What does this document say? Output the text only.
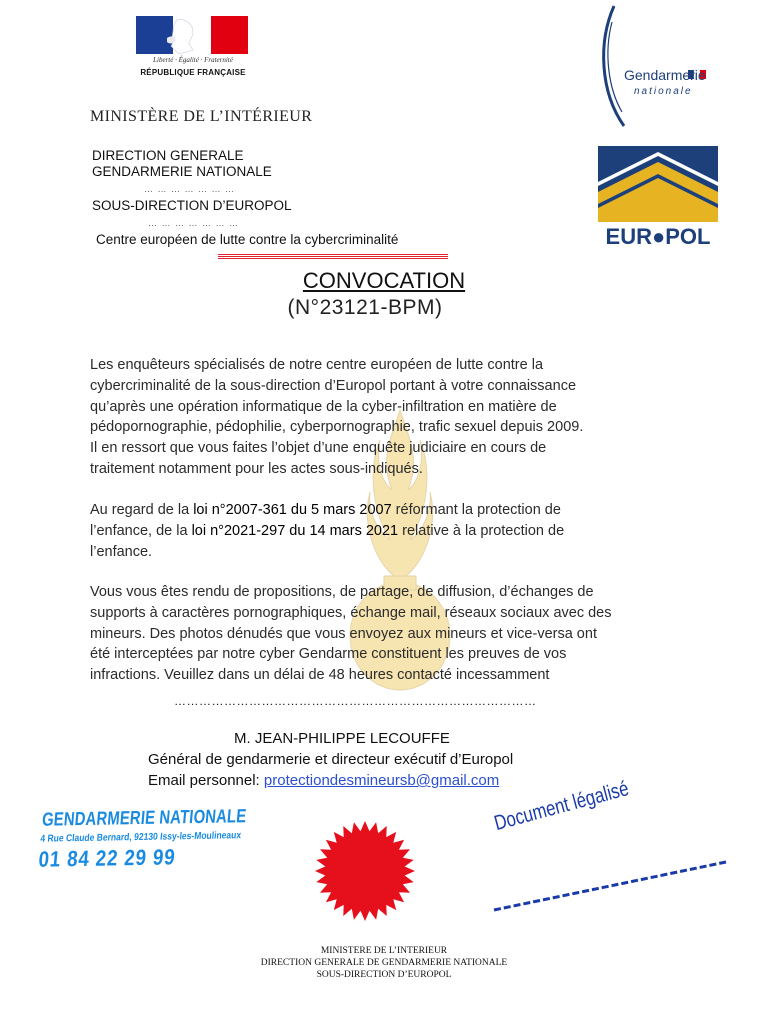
Liberté · Égalité · Fraternité
RÉPUBLIQUE FRANÇAISE
MINISTÈRE DE L’INTÉRIEUR
DIRECTION GENERALE
GENDARMERIE NATIONALE
… … … … … … …
SOUS-DIRECTION D’EUROPOL
… … … … … … …
Centre européen de lutte contre la cybercriminalité
Gendarmerie
nationale
EUR●POL
CONVOCATION
(N°23121-BPM)
Les enquêteurs spécialisés de notre centre européen de lutte contre la
cybercriminalité de la sous-direction d’Europol portant à votre connaissance
qu’après une opération informatique de la cyber-infiltration en matière de
pédopornographie, pédophilie, cyberpornographie, trafic sexuel depuis 2009.
Il en ressort que vous faites l’objet d’une enquête judiciaire en cours de
traitement notamment pour les actes sous-indiqués.
Au regard de la loi n°2007-361 du 5 mars 2007 réformant la protection de
l’enfance, de la loi n°2021-297 du 14 mars 2021 relative à la protection de
l’enfance.
Vous vous êtes rendu de propositions, de partage, de diffusion, d’échanges de
supports à caractères pornographiques, échange mail, réseaux sociaux avec des
mineurs. Des photos dénudés que vous envoyez aux mineurs et vice-versa ont
été interceptées par notre cyber Gendarme constituent les preuves de vos
infractions. Veuillez dans un délai de 48 heures contacté incessamment
……………………………………………………………………………
M. JEAN-PHILIPPE LECOUFFE
Général de gendarmerie et directeur exécutif d’Europol
Email personnel: protectiondesmineursb@gmail.com
GENDARMERIE NATIONALE
4 Rue Claude Bernard, 92130 Issy-les-Moulineaux
01 84 22 29 99
Document légalisé
MINISTERE DE L’INTERIEUR
DIRECTION GENERALE DE GENDARMERIE NATIONALE
SOUS-DIRECTION D’EUROPOL
